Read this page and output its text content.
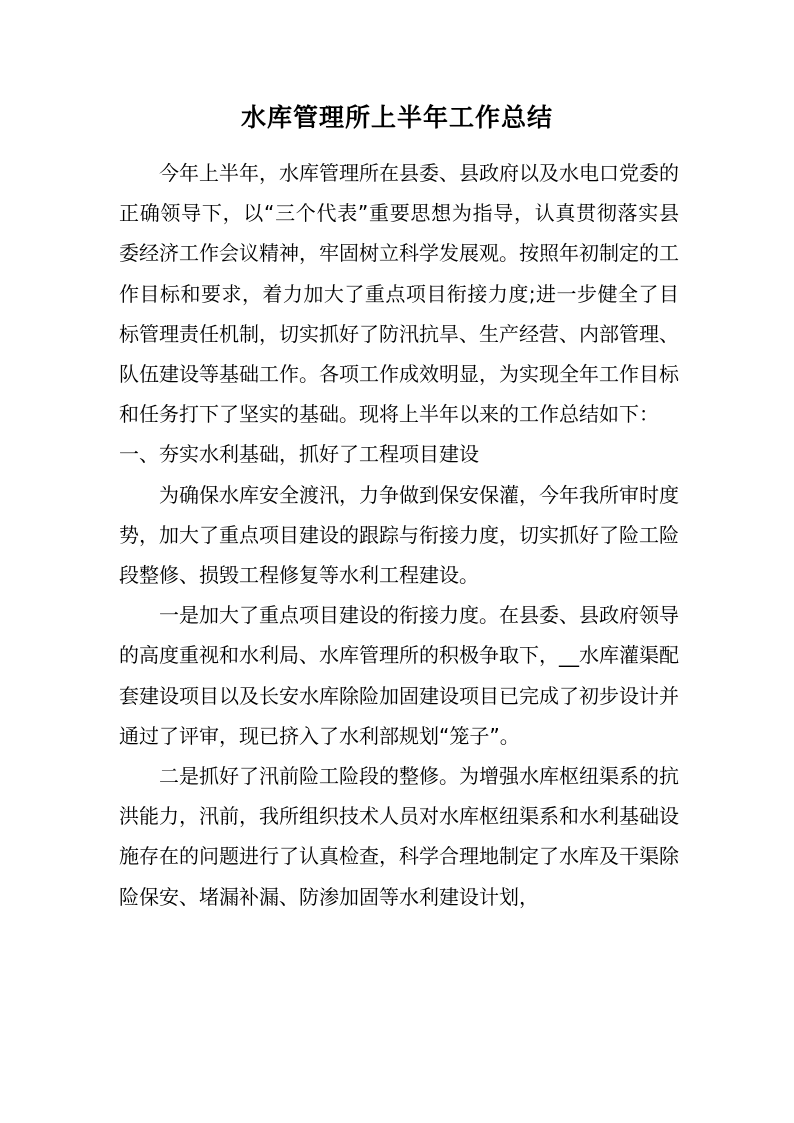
水库管理所上半年工作总结

今年上半年，水库管理所在县委、县政府以及水电口党委的正确领导下，以“三个代表”重要思想为指导，认真贯彻落实县委经济工作会议精神，牢固树立科学发展观。按照年初制定的工作目标和要求，着力加大了重点项目衔接力度;进一步健全了目标管理责任机制，切实抓好了防汛抗旱、生产经营、内部管理、队伍建设等基础工作。各项工作成效明显，为实现全年工作目标和任务打下了坚实的基础。现将上半年以来的工作总结如下：

一、夯实水利基础，抓好了工程项目建设

为确保水库安全渡汛，力争做到保安保灌，今年我所审时度势，加大了重点项目建设的跟踪与衔接力度，切实抓好了险工险段整修、损毁工程修复等水利工程建设。

一是加大了重点项目建设的衔接力度。在县委、县政府领导的高度重视和水利局、水库管理所的积极争取下，__水库灌渠配套建设项目以及长安水库除险加固建设项目已完成了初步设计并通过了评审，现已挤入了水利部规划“笼子”。

二是抓好了汛前险工险段的整修。为增强水库枢纽渠系的抗洪能力，汛前，我所组织技术人员对水库枢纽渠系和水利基础设施存在的问题进行了认真检查，科学合理地制定了水库及干渠除险保安、堵漏补漏、防渗加固等水利建设计划，
